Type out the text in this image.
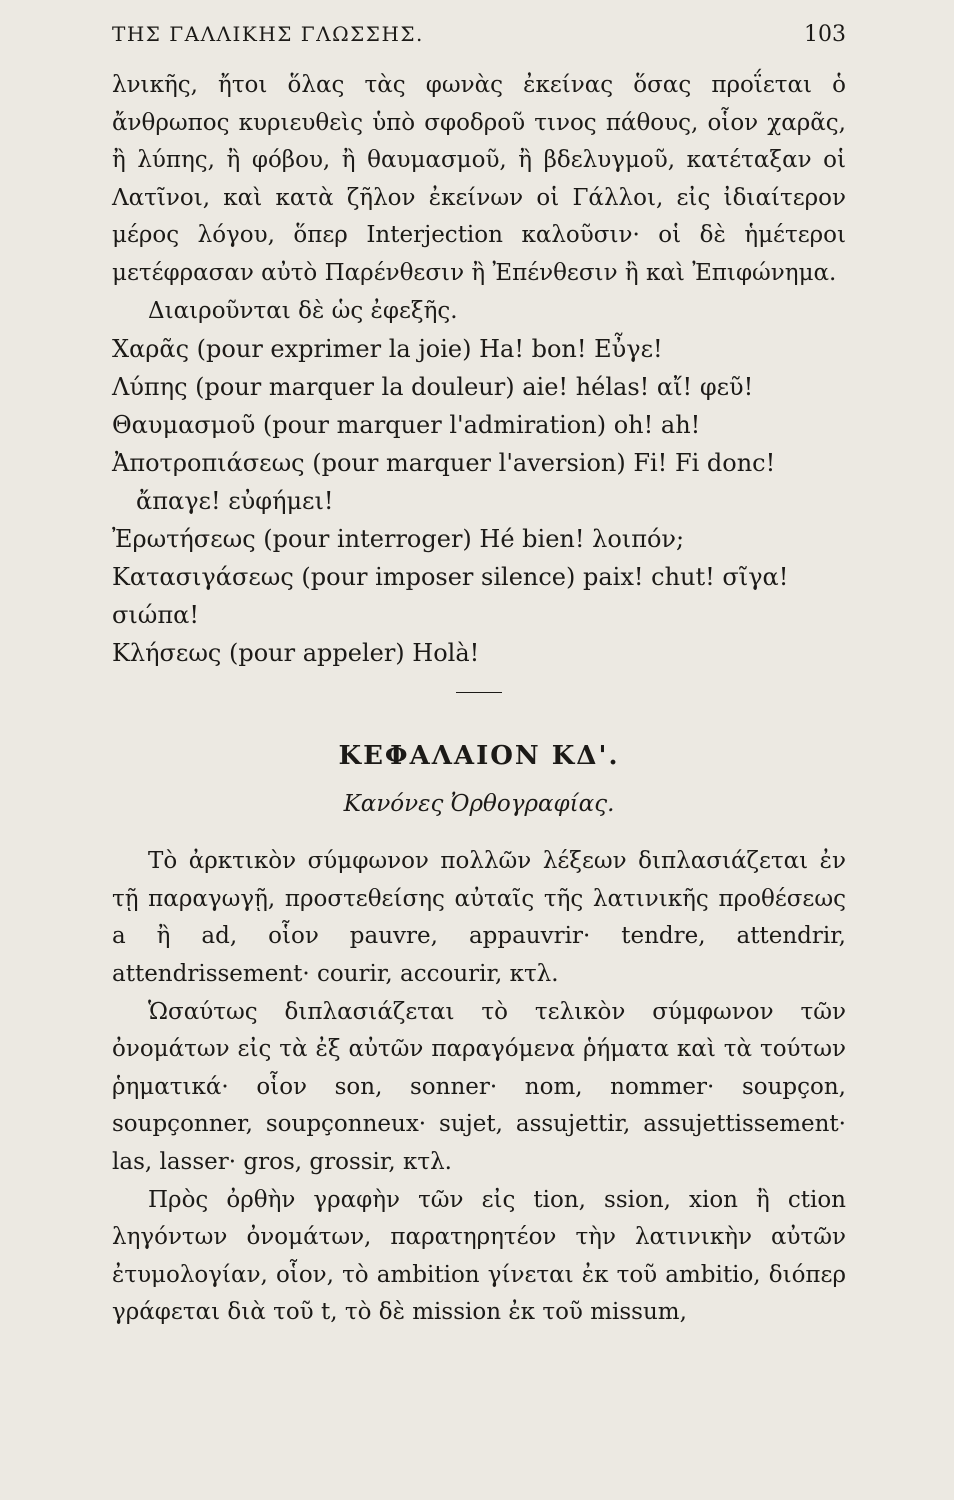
ΤΗΣ ΓΑΛΛΙΚΗΣ ΓΛΩΣΣΗΣ.	103

λνικῆς, ἤτοι ὅλας τὰς φωνὰς ἐκείνας ὅσας προΐεται ὁ ἄνθρωπος κυριευθεὶς ὑπὸ σφοδροῦ τινος πάθους, οἷον χαρᾶς, ἢ λύπης, ἢ φόβου, ἢ θαυμασμοῦ, ἢ βδελυγμοῦ, κατέταξαν οἱ Λατῖνοι, καὶ κατὰ ζῆλον ἐκείνων οἱ Γάλλοι, εἰς ἰδιαίτερον μέρος λόγου, ὅπερ Interjection καλοῦσιν· οἱ δὲ ἡμέτεροι μετέφρασαν αὐτὸ Παρένθεσιν ἢ Ἐπένθεσιν ἢ καὶ Ἐπιφώνημα.

Διαιροῦνται δὲ ὡς ἐφεξῆς.

Χαρᾶς (pour exprimer la joie) Ha! bon! Εὖγε!

Λύπης (pour marquer la douleur) aie! hélas! αἴ! φεῦ!

Θαυμασμοῦ (pour marquer l'admiration) oh! ah!

Ἀποτροπιάσεως (pour marquer l'aversion) Fi! Fi donc!

ἄπαγε! εὐφήμει!

Ἐρωτήσεως (pour interroger) Hé bien! λοιπόν;

Κατασιγάσεως (pour imposer silence) paix! chut! σῖγα!

σιώπα!

Κλήσεως (pour appeler) Holà!

ΚΕΦΑΛΑΙΟΝ ΚΔ'.
Κανόνες Ὀρθογραφίας.

Τὸ ἀρκτικὸν σύμφωνον πολλῶν λέξεων διπλασιάζεται ἐν τῇ παραγωγῇ, προστεθείσης αὐταῖς τῆς λατινικῆς προθέσεως a ἢ ad, οἷον pauvre, appauvrir· tendre, attendrir, attendrissement· courir, accourir, κτλ.

Ὡσαύτως διπλασιάζεται τὸ τελικὸν σύμφωνον τῶν ὀνομάτων εἰς τὰ ἐξ αὐτῶν παραγόμενα ῥήματα καὶ τὰ τούτων ῥηματικά· οἷον son, sonner· nom, nommer· soupçon, soupçonner, soupçonneux· sujet, assujettir, assujettissement· las, lasser· gros, grossir, κτλ.

Πρὸς ὀρθὴν γραφὴν τῶν εἰς tion, ssion, xion ἢ ction ληγόντων ὀνομάτων, παρατηρητέον τὴν λατινικὴν αὐτῶν ἐτυμολογίαν, οἷον, τὸ ambition γίνεται ἐκ τοῦ ambitio, διόπερ γράφεται διὰ τοῦ t, τὸ δὲ mission ἐκ τοῦ missum,
